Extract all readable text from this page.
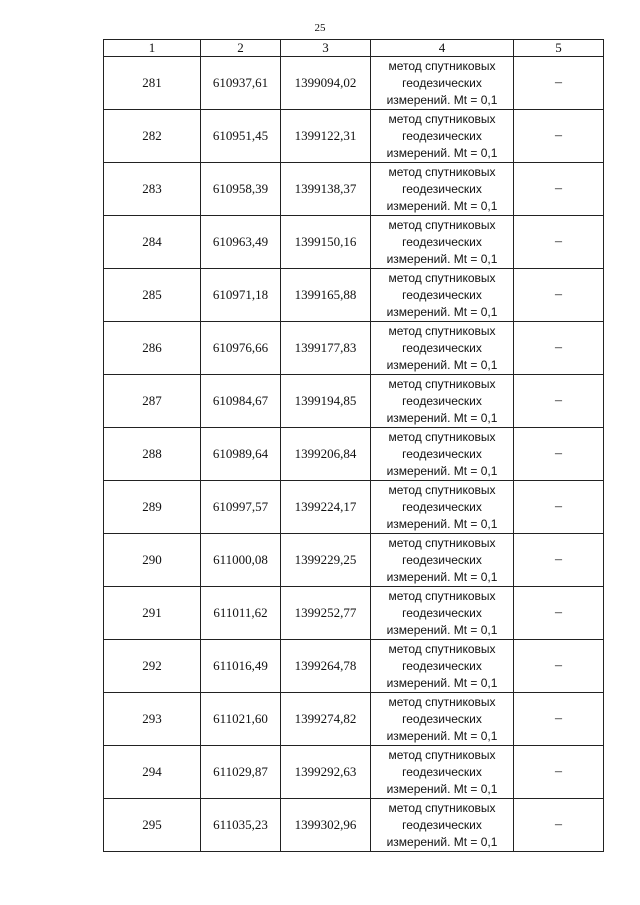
25
1	2	3	4	5
281	610937,61	1399094,02	метод спутниковых
геодезических
измерений. Mt = 0,1	–
282	610951,45	1399122,31	метод спутниковых
геодезических
измерений. Mt = 0,1	–
283	610958,39	1399138,37	метод спутниковых
геодезических
измерений. Mt = 0,1	–
284	610963,49	1399150,16	метод спутниковых
геодезических
измерений. Mt = 0,1	–
285	610971,18	1399165,88	метод спутниковых
геодезических
измерений. Mt = 0,1	–
286	610976,66	1399177,83	метод спутниковых
геодезических
измерений. Mt = 0,1	–
287	610984,67	1399194,85	метод спутниковых
геодезических
измерений. Mt = 0,1	–
288	610989,64	1399206,84	метод спутниковых
геодезических
измерений. Mt = 0,1	–
289	610997,57	1399224,17	метод спутниковых
геодезических
измерений. Mt = 0,1	–
290	611000,08	1399229,25	метод спутниковых
геодезических
измерений. Mt = 0,1	–
291	611011,62	1399252,77	метод спутниковых
геодезических
измерений. Mt = 0,1	–
292	611016,49	1399264,78	метод спутниковых
геодезических
измерений. Mt = 0,1	–
293	611021,60	1399274,82	метод спутниковых
геодезических
измерений. Mt = 0,1	–
294	611029,87	1399292,63	метод спутниковых
геодезических
измерений. Mt = 0,1	–
295	611035,23	1399302,96	метод спутниковых
геодезических
измерений. Mt = 0,1	–
